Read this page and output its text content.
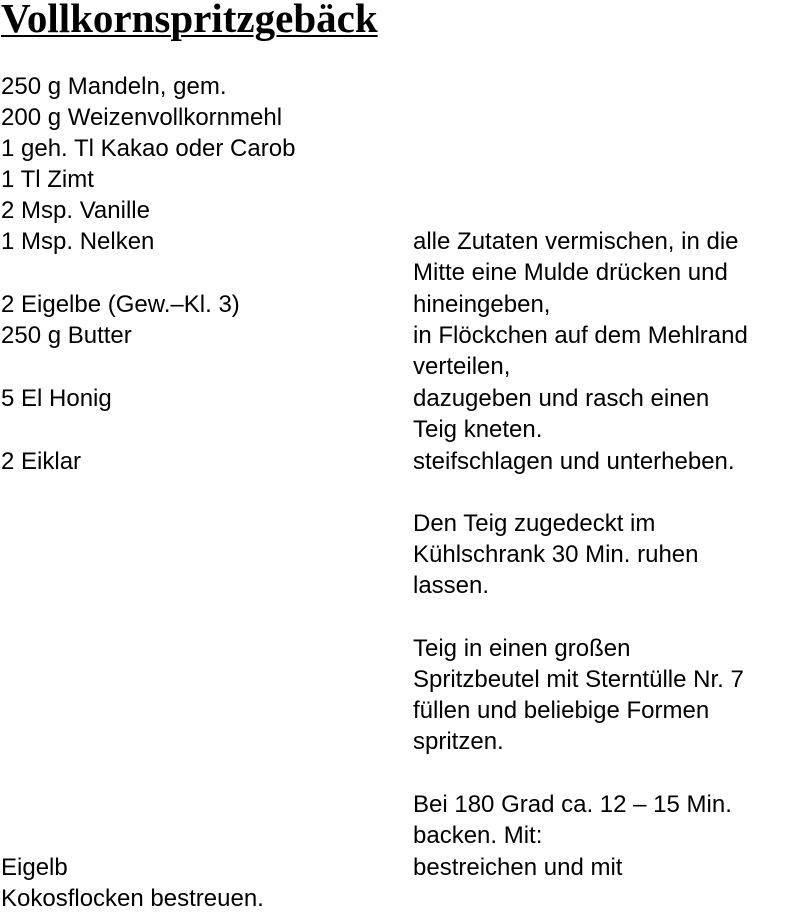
Vollkornspritzgebäck
250 g Mandeln, gem.
200 g Weizenvollkornmehl
1 geh. Tl Kakao oder Carob
1 Tl Zimt
2 Msp. Vanille
1 Msp. Nelken
2 Eigelbe (Gew.–Kl. 3)
250 g Butter
5 El Honig
2 Eiklar
Eigelb
Kokosflocken bestreuen.
alle Zutaten vermischen, in die
Mitte eine Mulde drücken und
hineingeben,
in Flöckchen auf dem Mehlrand
verteilen,
dazugeben und rasch einen
Teig kneten.
steifschlagen und unterheben.
Den Teig zugedeckt im
Kühlschrank 30 Min. ruhen
lassen.
Teig in einen großen
Spritzbeutel mit Sterntülle Nr. 7
füllen und beliebige Formen
spritzen.
Bei 180 Grad ca. 12 – 15 Min.
backen. Mit:
bestreichen und mit
